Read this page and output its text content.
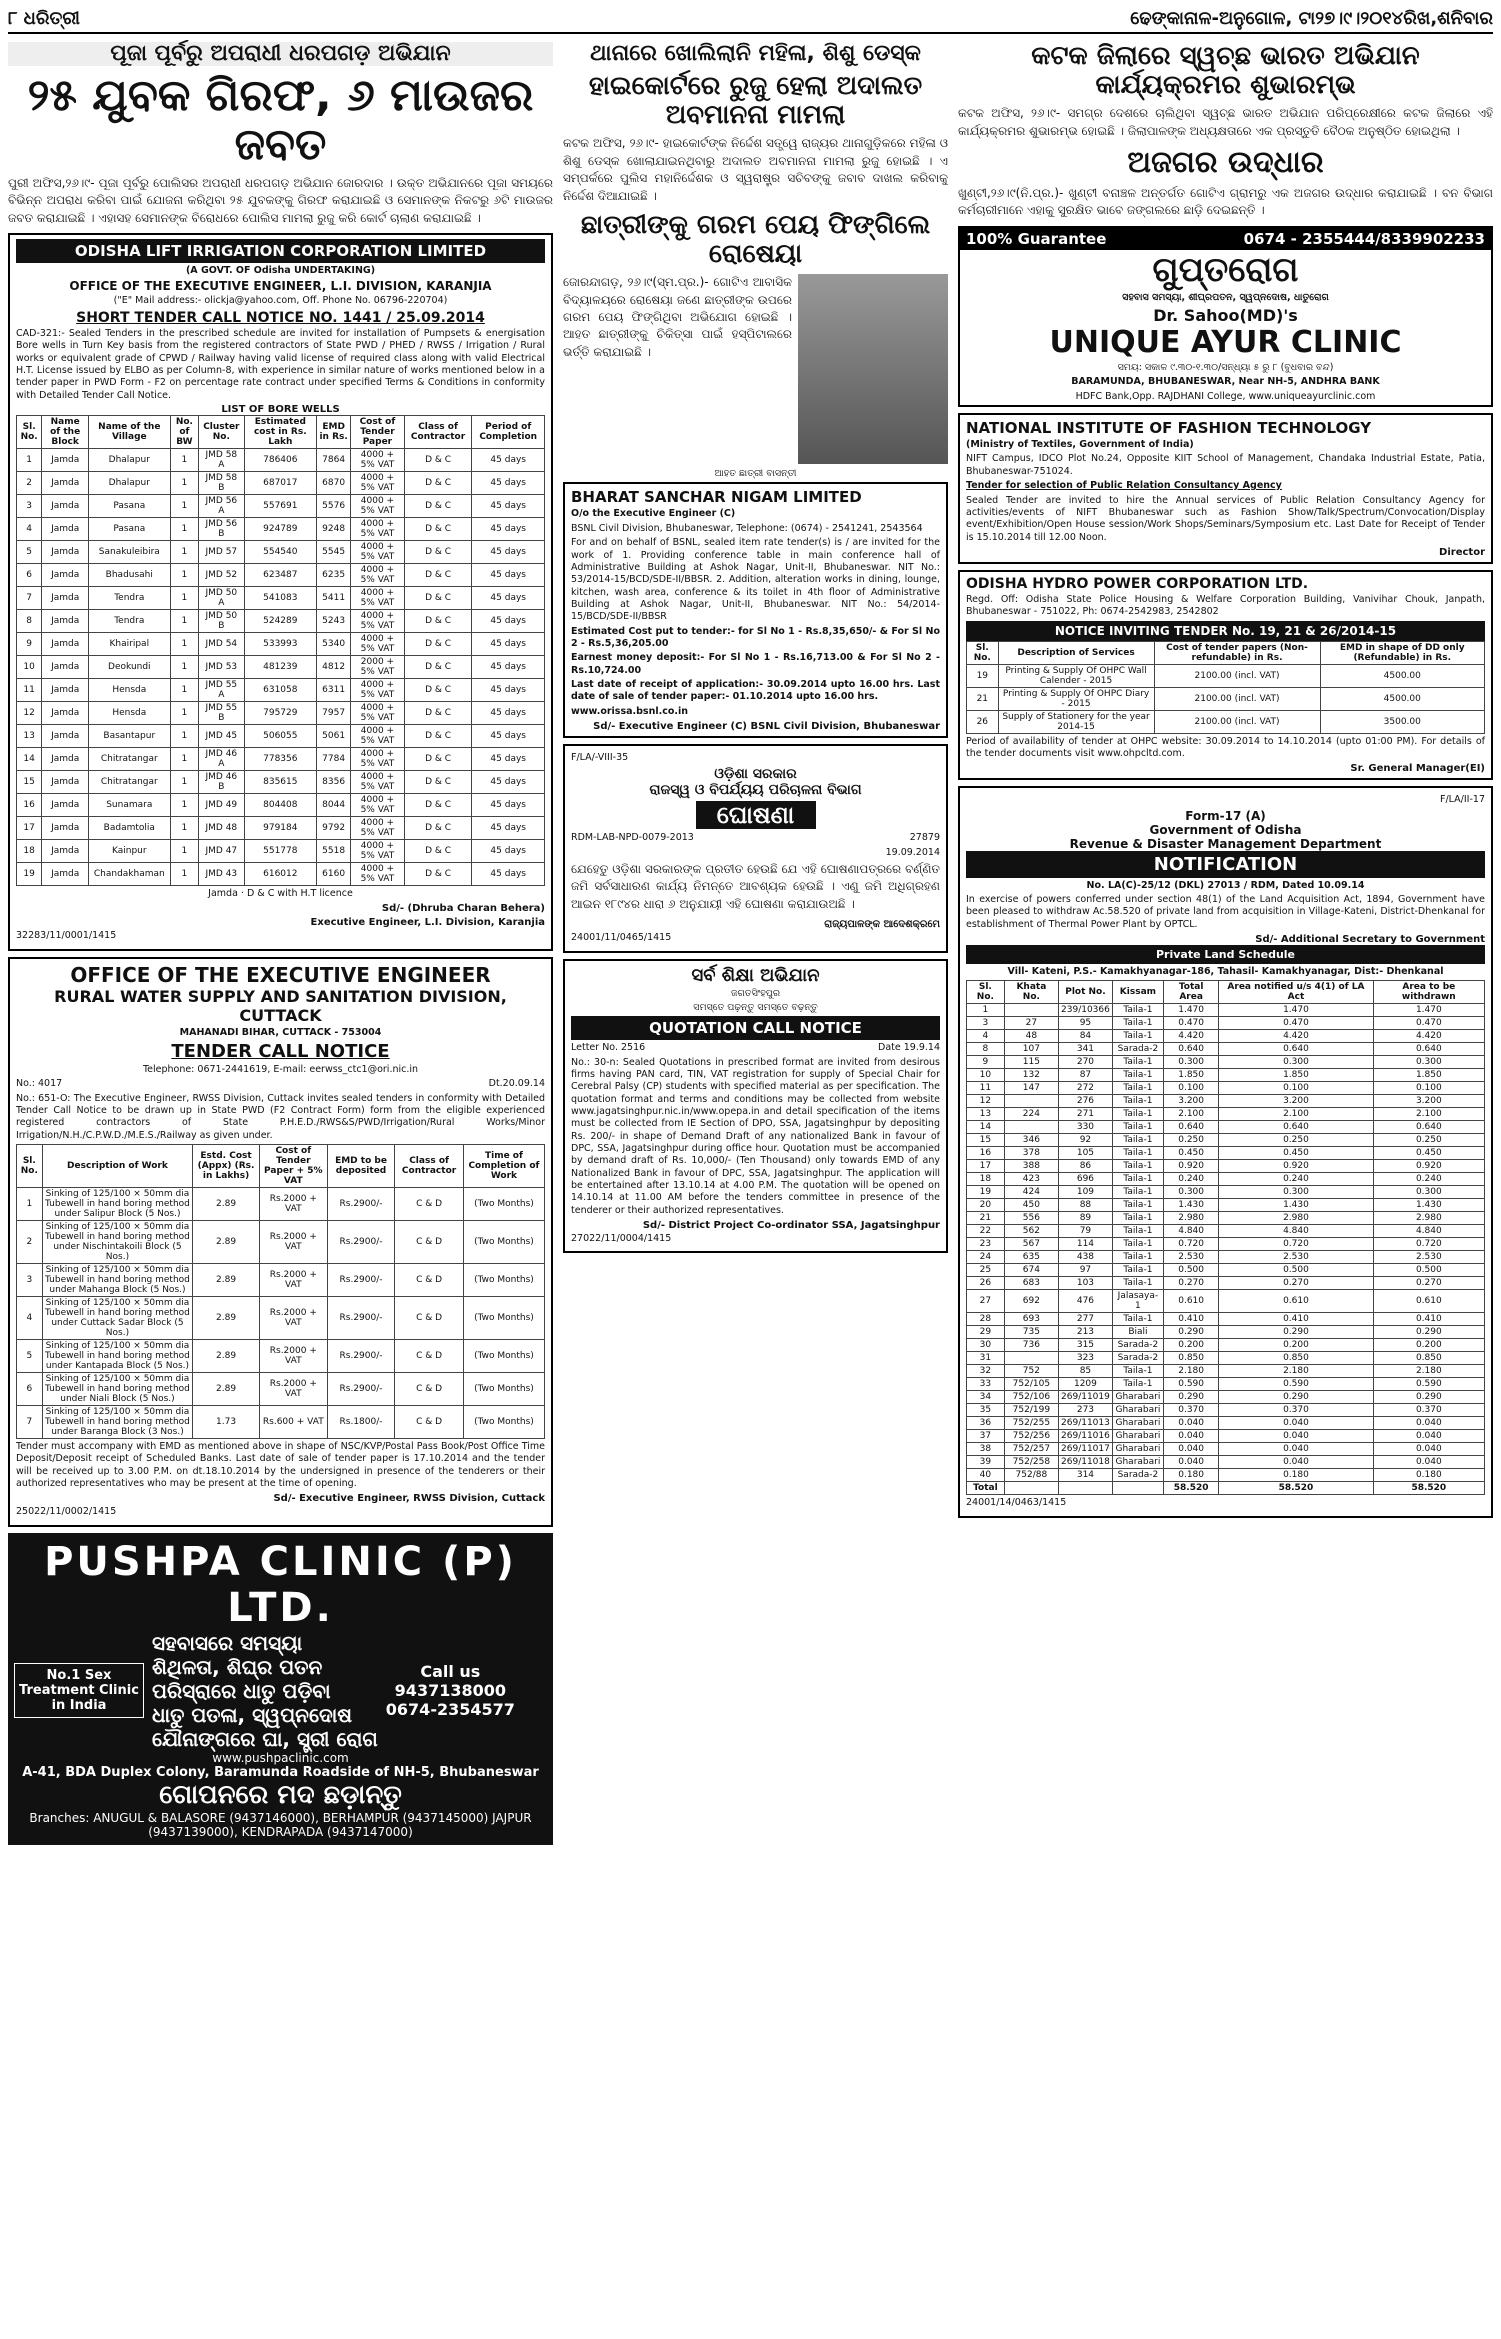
୮ ଧରିତ୍ରୀ	ଢେଙ୍କାନାଳ-ଅନୁଗୋଳ, ଟା୨୭।୯।୨୦୧୪ରିଖ,ଶନିବାର
ପୂଜା ପୂର୍ବରୁ ଅପରାଧୀ ଧରପଗଡ଼ ଅଭିଯାନ
୨୫ ଯୁବକ ଗିରଫ, ୬ ମାଉଜର ଜବତ

ପୁରୀ ଅଫିସ,୨୬।୯- ପୂଜା ପୂର୍ବରୁ ପୋଲିସର ଅପରାଧୀ ଧରପଗଡ଼ ଅଭିଯାନ ଜୋରଦାର । ଉକ୍ତ ଅଭିଯାନରେ ପୂଜା ସମୟରେ ବିଭିନ୍ନ ଅପରାଧ କରିବା ପାଇଁ ଯୋଜନା କରିଥିବା ୨୫ ଯୁବକଙ୍କୁ ଗିରଫ କରାଯାଇଛି ଓ ସେମାନଙ୍କ ନିକଟରୁ ୬ଟି ମାଉଜର ଜବତ କରାଯାଇଛି । ଏହାସହ ସେମାନଙ୍କ ବିରୋଧରେ ପୋଲିସ ମାମଲା ରୁଜୁ କରି କୋର୍ଟ ଚାଲାଣ କରାଯାଇଛି ।

ODISHA LIFT IRRIGATION CORPORATION LIMITED
(A GOVT. OF Odisha UNDERTAKING)
OFFICE OF THE EXECUTIVE ENGINEER, L.I. DIVISION, KARANJIA
("E" Mail address:- olickja@yahoo.com, Off. Phone No. 06796-220704)
SHORT TENDER CALL NOTICE NO. 1441 / 25.09.2014

CAD-321:- Sealed Tenders in the prescribed schedule are invited for installation of Pumpsets & energisation Bore wells in Turn Key basis from the registered contractors of State PWD / PHED / RWSS / Irrigation / Rural works or equivalent grade of CPWD / Railway having valid license of required class along with valid Electrical H.T. License issued by ELBO as per Column-8, with experience in similar nature of works mentioned below in a tender paper in PWD Form - F2 on percentage rate contract under specified Terms & Conditions in conformity with Detailed Tender Call Notice.

LIST OF BORE WELLS
Sl. No.	Name of the Block	Name of the Village	No. of BW	Cluster No.	Estimated cost in Rs. Lakh	EMD in Rs.	Cost of Tender Paper	Class of Contractor	Period of Completion
1	Jamda	Dhalapur	1	JMD 58 A	786406	7864	4000 + 5% VAT	D & C	45 days
2	Jamda	Dhalapur	1	JMD 58 B	687017	6870	4000 + 5% VAT	D & C	45 days
3	Jamda	Pasana	1	JMD 56 A	557691	5576	4000 + 5% VAT	D & C	45 days
4	Jamda	Pasana	1	JMD 56 B	924789	9248	4000 + 5% VAT	D & C	45 days
5	Jamda	Sanakuleibira	1	JMD 57	554540	5545	4000 + 5% VAT	D & C	45 days
6	Jamda	Bhadusahi	1	JMD 52	623487	6235	4000 + 5% VAT	D & C	45 days
7	Jamda	Tendra	1	JMD 50 A	541083	5411	4000 + 5% VAT	D & C	45 days
8	Jamda	Tendra	1	JMD 50 B	524289	5243	4000 + 5% VAT	D & C	45 days
9	Jamda	Khairipal	1	JMD 54	533993	5340	4000 + 5% VAT	D & C	45 days
10	Jamda	Deokundi	1	JMD 53	481239	4812	2000 + 5% VAT	D & C	45 days
11	Jamda	Hensda	1	JMD 55 A	631058	6311	4000 + 5% VAT	D & C	45 days
12	Jamda	Hensda	1	JMD 55 B	795729	7957	4000 + 5% VAT	D & C	45 days
13	Jamda	Basantapur	1	JMD 45	506055	5061	4000 + 5% VAT	D & C	45 days
14	Jamda	Chitratangar	1	JMD 46 A	778356	7784	4000 + 5% VAT	D & C	45 days
15	Jamda	Chitratangar	1	JMD 46 B	835615	8356	4000 + 5% VAT	D & C	45 days
16	Jamda	Sunamara	1	JMD 49	804408	8044	4000 + 5% VAT	D & C	45 days
17	Jamda	Badamtolia	1	JMD 48	979184	9792	4000 + 5% VAT	D & C	45 days
18	Jamda	Kainpur	1	JMD 47	551778	5518	4000 + 5% VAT	D & C	45 days
19	Jamda	Chandakhaman	1	JMD 43	616012	6160	4000 + 5% VAT	D & C	45 days
Jamda · D & C with H.T licence
Sd/- (Dhruba Charan Behera)
Executive Engineer, L.I. Division, Karanjia
32283/11/0001/1415
OFFICE OF THE EXECUTIVE ENGINEER
RURAL WATER SUPPLY AND SANITATION DIVISION, CUTTACK
MAHANADI BIHAR, CUTTACK - 753004
TENDER CALL NOTICE
Telephone: 0671-2441619, E-mail: eerwss_ctc1@ori.nic.in
No.: 4017	Dt.20.09.14

No.: 651-O: The Executive Engineer, RWSS Division, Cuttack invites sealed tenders in conformity with Detailed Tender Call Notice to be drawn up in State PWD (F2 Contract Form) form from the eligible experienced registered contractors of State P.H.E.D./RWS&S/PWD/Irrigation/Rural Works/Minor Irrigation/N.H./C.P.W.D./M.E.S./Railway as given under.

Sl. No.	Description of Work	Estd. Cost (Appx) (Rs. in Lakhs)	Cost of Tender Paper + 5% VAT	EMD to be deposited	Class of Contractor	Time of Completion of Work
1	Sinking of 125/100 × 50mm dia Tubewell in hand boring method under Salipur Block (5 Nos.)	2.89	Rs.2000 + VAT	Rs.2900/-	C & D	(Two Months)
2	Sinking of 125/100 × 50mm dia Tubewell in hand boring method under Nischintakoili Block (5 Nos.)	2.89	Rs.2000 + VAT	Rs.2900/-	C & D	(Two Months)
3	Sinking of 125/100 × 50mm dia Tubewell in hand boring method under Mahanga Block (5 Nos.)	2.89	Rs.2000 + VAT	Rs.2900/-	C & D	(Two Months)
4	Sinking of 125/100 × 50mm dia Tubewell in hand boring method under Cuttack Sadar Block (5 Nos.)	2.89	Rs.2000 + VAT	Rs.2900/-	C & D	(Two Months)
5	Sinking of 125/100 × 50mm dia Tubewell in hand boring method under Kantapada Block (5 Nos.)	2.89	Rs.2000 + VAT	Rs.2900/-	C & D	(Two Months)
6	Sinking of 125/100 × 50mm dia Tubewell in hand boring method under Niali Block (5 Nos.)	2.89	Rs.2000 + VAT	Rs.2900/-	C & D	(Two Months)
7	Sinking of 125/100 × 50mm dia Tubewell in hand boring method under Baranga Block (3 Nos.)	1.73	Rs.600 + VAT	Rs.1800/-	C & D	(Two Months)

Tender must accompany with EMD as mentioned above in shape of NSC/KVP/Postal Pass Book/Post Office Time Deposit/Deposit receipt of Scheduled Banks. Last date of sale of tender paper is 17.10.2014 and the tender will be received up to 3.00 P.M. on dt.18.10.2014 by the undersigned in presence of the tenderers or their authorized representatives who may be present at the time of opening.

Sd/- Executive Engineer, RWSS Division, Cuttack
25022/11/0002/1415
PUSHPA CLINIC (P) LTD.
No.1 Sex Treatment Clinic in India
ସହବାସରେ ସମସ୍ୟା
ଶିଥିଳତା, ଶିଘ୍ର ପତନ
ପରିସ୍ରାରେ ଧାତୁ ପଡ଼ିବା
ଧାତୁ ପତଳା, ସ୍ୱପ୍ନଦୋଷ
ଯୌନାଙ୍ଗରେ ଘା, ସ୍ତ୍ରୀ ରୋଗ
Call us
9437138000
0674-2354577
www.pushpaclinic.com
A-41, BDA Duplex Colony, Baramunda Roadside of NH-5, Bhubaneswar
ଗୋପନରେ ମଦ ଛଡ଼ାନ୍ତୁ
Branches: ANUGUL & BALASORE (9437146000), BERHAMPUR (9437145000) JAJPUR (9437139000), KENDRAPADA (9437147000)
ଥାନାରେ ଖୋଲିଲାନି ମହିଳା, ଶିଶୁ ଡେସ୍କ
ହାଇକୋର୍ଟରେ ରୁଜୁ ହେଲା ଅଦାଲତ ଅବମାନନା ମାମଲା

କଟକ ଅଫିସ, ୨୬।୯- ହାଇକୋର୍ଟଙ୍କ ନିର୍ଦ୍ଦେଶ ସତ୍ତ୍ୱେ ରାଜ୍ୟର ଥାନାଗୁଡ଼ିକରେ ମହିଳା ଓ ଶିଶୁ ଡେସ୍କ ଖୋଲାଯାଇନଥିବାରୁ ଅଦାଲତ ଅବମାନନା ମାମଲା ରୁଜୁ ହୋଇଛି । ଏ ସମ୍ପର୍କରେ ପୁଲିସ ମହାନିର୍ଦ୍ଦେଶକ ଓ ସ୍ୱରାଷ୍ଟ୍ର ସଚିବଙ୍କୁ ଜବାବ ଦାଖଲ କରିବାକୁ ନିର୍ଦ୍ଦେଶ ଦିଆଯାଇଛି ।

ଛାତ୍ରୀଙ୍କୁ ଗରମ ପେୟ ଫିଙ୍ଗିଲେ ରୋଷେୟା

ଜୋରନ୍ଦାଗଡ଼, ୨୬।୯(ସ୍ମ.ପ୍ର.)- ଗୋଟିଏ ଆବାସିକ ବିଦ୍ୟାଳୟରେ ରୋଷେୟା ଜଣେ ଛାତ୍ରୀଙ୍କ ଉପରେ ଗରମ ପେୟ ଫିଙ୍ଗିଥିବା ଅଭିଯୋଗ ହୋଇଛି । ଆହତ ଛାତ୍ରୀଙ୍କୁ ଚିକିତ୍ସା ପାଇଁ ହସ୍ପିଟାଲରେ ଭର୍ତ୍ତି କରାଯାଇଛି ।

ଆହତ ଛାତ୍ରୀ ବାସନ୍ତୀ
BHARAT SANCHAR NIGAM LIMITED
O/o the Executive Engineer (C)
BSNL Civil Division, Bhubaneswar, Telephone: (0674) - 2541241, 2543564

For and on behalf of BSNL, sealed item rate tender(s) is / are invited for the work of 1. Providing conference table in main conference hall of Administrative Building at Ashok Nagar, Unit-II, Bhubaneswar. NIT No.: 53/2014-15/BCD/SDE-II/BBSR. 2. Addition, alteration works in dining, lounge, kitchen, wash area, conference & its toilet in 4th floor of Administrative Building at Ashok Nagar, Unit-II, Bhubaneswar. NIT No.: 54/2014-15/BCD/SDE-II/BBSR

Estimated Cost put to tender:- for Sl No 1 - Rs.8,35,650/- & For Sl No 2 - Rs.5,36,205.00

Earnest money deposit:- For Sl No 1 - Rs.16,713.00 & For Sl No 2 - Rs.10,724.00

Last date of receipt of application:- 30.09.2014 upto 16.00 hrs. Last date of sale of tender paper:- 01.10.2014 upto 16.00 hrs.

www.orissa.bsnl.co.in
Sd/- Executive Engineer (C) BSNL Civil Division, Bhubaneswar
F/LA/-VIII-35
ଓଡ଼ିଶା ସରକାର
ରାଜସ୍ୱ ଓ ବିପର୍ଯ୍ୟୟ ପରିଚାଳନା ବିଭାଗ
ଘୋଷଣା
RDM-LAB-NPD-0079-2013	27879
19.09.2014

ଯେହେତୁ ଓଡ଼ିଶା ସରକାରଙ୍କ ପ୍ରତୀତ ହେଉଛି ଯେ ଏହି ଘୋଷଣାପତ୍ରରେ ବର୍ଣ୍ଣିତ ଜମି ସର୍ବସାଧାରଣ କାର୍ଯ୍ୟ ନିମନ୍ତେ ଆବଶ୍ୟକ ହେଉଛି । ଏଣୁ ଜମି ଅଧିଗ୍ରହଣ ଆଇନ ୧୮୯୪ର ଧାରା ୬ ଅନୁଯାୟୀ ଏହି ଘୋଷଣା କରାଯାଉଅଛି ।

ରାଜ୍ୟପାଳଙ୍କ ଆଦେଶକ୍ରମେ
24001/11/0465/1415
ସର୍ବ ଶିକ୍ଷା ଅଭିଯାନ
ଜଗତସିଂହପୁର
ସମସ୍ତେ ପଢ଼ନ୍ତୁ ସମସ୍ତେ ବଢ଼ନ୍ତୁ
QUOTATION CALL NOTICE
Letter No. 2516	Date 19.9.14

No.: 30-n: Sealed Quotations in prescribed format are invited from desirous firms having PAN card, TIN, VAT registration for supply of Special Chair for Cerebral Palsy (CP) students with specified material as per specification. The quotation format and terms and conditions may be collected from website www.jagatsinghpur.nic.in/www.opepa.in and detail specification of the items must be collected from IE Section of DPO, SSA, Jagatsinghpur by depositing Rs. 200/- in shape of Demand Draft of any nationalized Bank in favour of DPC, SSA, Jagatsinghpur during office hour. Quotation must be accompanied by demand draft of Rs. 10,000/- (Ten Thousand) only towards EMD of any Nationalized Bank in favour of DPC, SSA, Jagatsinghpur. The application will be entertained after 13.10.14 at 4.00 P.M. The quotation will be opened on 14.10.14 at 11.00 AM before the tenders committee in presence of the tenderer or their authorized representatives.

Sd/- District Project Co-ordinator SSA, Jagatsinghpur
27022/11/0004/1415
କଟକ ଜିଲାରେ ସ୍ୱଚ୍ଛ ଭାରତ ଅଭିଯାନ କାର୍ଯ୍ୟକ୍ରମର ଶୁଭାରମ୍ଭ

କଟକ ଅଫିସ, ୨୬।୯- ସମଗ୍ର ଦେଶରେ ଚାଲିଥିବା ସ୍ୱଚ୍ଛ ଭାରତ ଅଭିଯାନ ପରିପ୍ରେକ୍ଷୀରେ କଟକ ଜିଲାରେ ଏହି କାର୍ଯ୍ୟକ୍ରମର ଶୁଭାରମ୍ଭ ହୋଇଛି । ଜିଲାପାଳଙ୍କ ଅଧ୍ୟକ୍ଷତାରେ ଏକ ପ୍ରସ୍ତୁତି ବୈଠକ ଅନୁଷ୍ଠିତ ହୋଇଥିଲା ।

ଅଜଗର ଉଦ୍ଧାର

ଖୁଣ୍ଟୀ,୨୬।୯(ନି.ପ୍ର.)- ଖୁଣ୍ଟୀ ବନାଞ୍ଚଳ ଅନ୍ତର୍ଗତ ଗୋଟିଏ ଗ୍ରାମରୁ ଏକ ଅଜଗର ଉଦ୍ଧାର କରାଯାଇଛି । ବନ ବିଭାଗ କର୍ମଚାରୀମାନେ ଏହାକୁ ସୁରକ୍ଷିତ ଭାବେ ଜଙ୍ଗଲରେ ଛାଡ଼ି ଦେଇଛନ୍ତି ।

100% Guarantee	0674 - 2355444/8339902233
ଗୁପ୍ତରୋଗ
ସହବାସ ସମସ୍ୟା, ଶୀଘ୍ରପତନ, ସ୍ୱପ୍ନଦୋଷ, ଧାତୁରୋଗ
Dr. Sahoo(MD)'s
UNIQUE AYUR CLINIC
ସମୟ: ସକାଳ ୯.୩୦-୧.୩୦/ସନ୍ଧ୍ୟା ୫ ରୁ ୮ (ବୁଧବାର ବନ୍ଦ)
BARAMUNDA, BHUBANESWAR, Near NH-5, ANDHRA BANK
HDFC Bank,Opp. RAJDHANI College, www.uniqueayurclinic.com
NATIONAL INSTITUTE OF FASHION TECHNOLOGY
(Ministry of Textiles, Government of India)
NIFT Campus, IDCO Plot No.24, Opposite KIIT School of Management, Chandaka Industrial Estate, Patia, Bhubaneswar-751024.
Tender for selection of Public Relation Consultancy Agency

Sealed Tender are invited to hire the Annual services of Public Relation Consultancy Agency for activities/events of NIFT Bhubaneswar such as Fashion Show/Talk/Spectrum/Convocation/Display event/Exhibition/Open House session/Work Shops/Seminars/Symposium etc. Last Date for Receipt of Tender is 15.10.2014 till 12.00 Noon.

Director
ODISHA HYDRO POWER CORPORATION LTD.
Regd. Off: Odisha State Police Housing & Welfare Corporation Building, Vanivihar Chouk, Janpath, Bhubaneswar - 751022, Ph: 0674-2542983, 2542802
NOTICE INVITING TENDER No. 19, 21 & 26/2014-15
Sl. No.	Description of Services	Cost of tender papers (Non-refundable) in Rs.	EMD in shape of DD only (Refundable) in Rs.
19	Printing & Supply Of OHPC Wall Calender - 2015	2100.00 (incl. VAT)	4500.00
21	Printing & Supply Of OHPC Diary - 2015	2100.00 (incl. VAT)	4500.00
26	Supply of Stationery for the year 2014-15	2100.00 (incl. VAT)	3500.00

Period of availability of tender at OHPC website: 30.09.2014 to 14.10.2014 (upto 01:00 PM). For details of the tender documents visit www.ohpcltd.com.

Sr. General Manager(EI)
F/LA/II-17
Form-17 (A)
Government of Odisha
Revenue & Disaster Management Department
NOTIFICATION
No. LA(C)-25/12 (DKL) 27013 / RDM, Dated 10.09.14

In exercise of powers conferred under section 48(1) of the Land Acquisition Act, 1894, Government have been pleased to withdraw Ac.58.520 of private land from acquisition in Village-Kateni, District-Dhenkanal for establishment of Thermal Power Plant by OPTCL.

Sd/- Additional Secretary to Government
Private Land Schedule
Vill- Kateni, P.S.- Kamakhyanagar-186, Tahasil- Kamakhyanagar, Dist:- Dhenkanal
Sl. No.	Khata No.	Plot No.	Kissam	Total Area	Area notified u/s 4(1) of LA Act	Area to be withdrawn
1		239/10366	Taila-1	1.470	1.470	1.470
3	27	95	Taila-1	0.470	0.470	0.470
4	48	84	Taila-1	4.420	4.420	4.420
8	107	341	Sarada-2	0.640	0.640	0.640
9	115	270	Taila-1	0.300	0.300	0.300
10	132	87	Taila-1	1.850	1.850	1.850
11	147	272	Taila-1	0.100	0.100	0.100
12		276	Taila-1	3.200	3.200	3.200
13	224	271	Taila-1	2.100	2.100	2.100
14		330	Taila-1	0.640	0.640	0.640
15	346	92	Taila-1	0.250	0.250	0.250
16	378	105	Taila-1	0.450	0.450	0.450
17	388	86	Taila-1	0.920	0.920	0.920
18	423	696	Taila-1	0.240	0.240	0.240
19	424	109	Taila-1	0.300	0.300	0.300
20	450	88	Taila-1	1.430	1.430	1.430
21	556	89	Taila-1	2.980	2.980	2.980
22	562	79	Taila-1	4.840	4.840	4.840
23	567	114	Taila-1	0.720	0.720	0.720
24	635	438	Taila-1	2.530	2.530	2.530
25	674	97	Taila-1	0.500	0.500	0.500
26	683	103	Taila-1	0.270	0.270	0.270
27	692	476	Jalasaya-1	0.610	0.610	0.610
28	693	277	Taila-1	0.410	0.410	0.410
29	735	213	Biali	0.290	0.290	0.290
30	736	315	Sarada-2	0.200	0.200	0.200
31		323	Sarada-2	0.850	0.850	0.850
32	752	85	Taila-1	2.180	2.180	2.180
33	752/105	1209	Taila-1	0.590	0.590	0.590
34	752/106	269/11019	Gharabari	0.290	0.290	0.290
35	752/199	273	Gharabari	0.370	0.370	0.370
36	752/255	269/11013	Gharabari	0.040	0.040	0.040
37	752/256	269/11016	Gharabari	0.040	0.040	0.040
38	752/257	269/11017	Gharabari	0.040	0.040	0.040
39	752/258	269/11018	Gharabari	0.040	0.040	0.040
40	752/88	314	Sarada-2	0.180	0.180	0.180
Total				58.520	58.520	58.520
24001/14/0463/1415
